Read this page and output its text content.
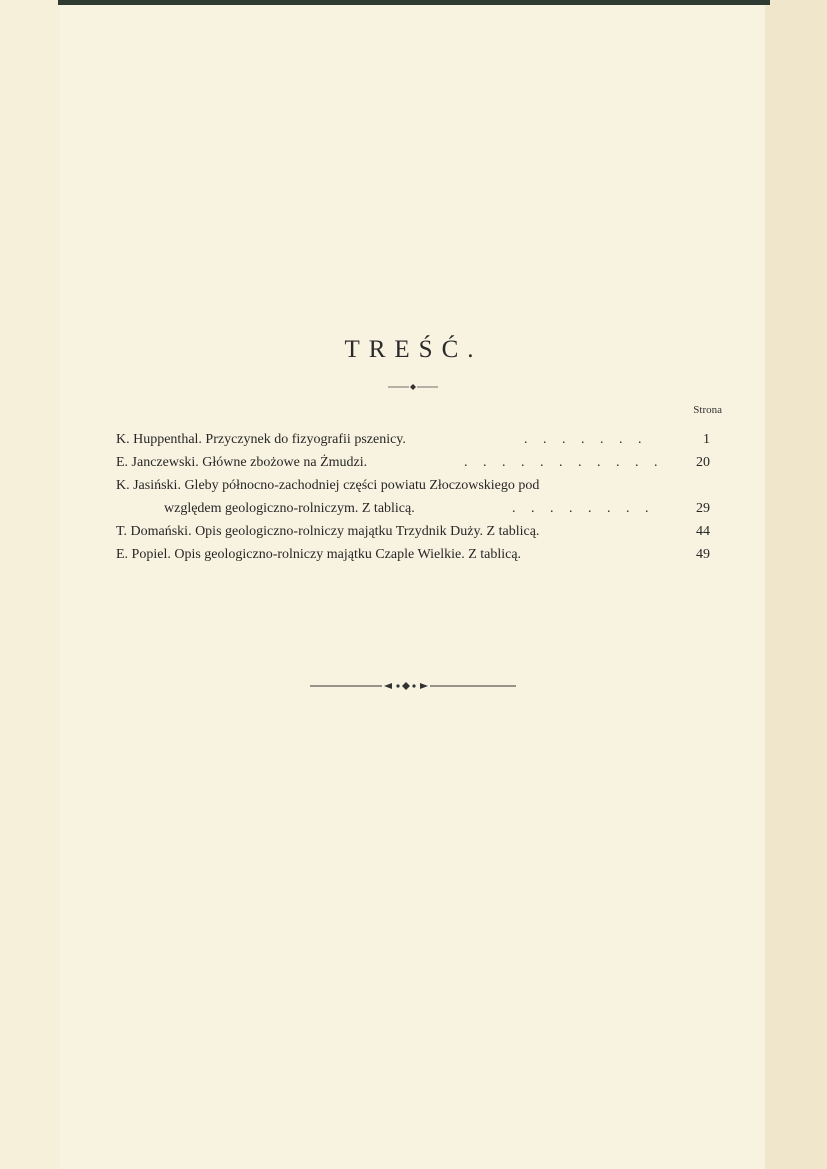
TREŚĆ.
Strona
K. Huppenthal. Przyczynek do fizyografii pszenicy.	. . . . . . .	1
E. Janczewski. Główne zbożowe na Żmudzi.	. . . . . . . . . . . 20
K. Jasiński. Gleby północno-zachodniej części powiatu Złoczowskiego pod
względem geologiczno-rolniczym. Z tablicą.	. . . . . . . .	29
T. Domański. Opis geologiczno-rolniczy majątku Trzydnik Duży. Z tablicą.	44
E. Popiel. Opis geologiczno-rolniczy majątku Czaple Wielkie. Z tablicą.	49
